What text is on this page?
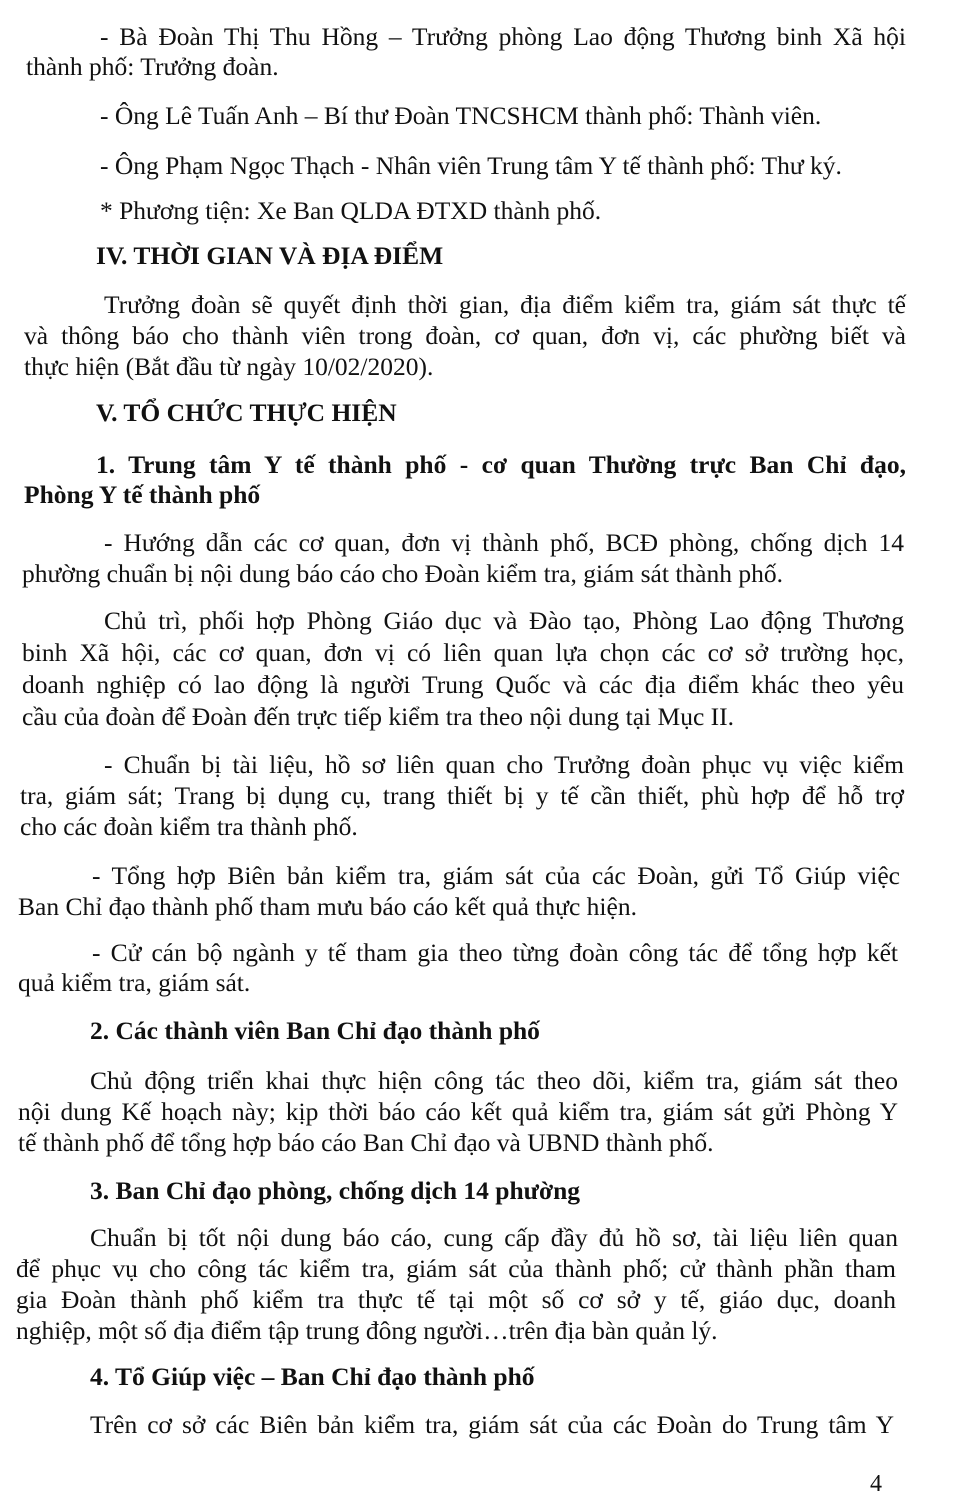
- Bà Đoàn Thị Thu Hồng – Trưởng phòng Lao động Thương binh Xã hội

thành phố: Trưởng đoàn.

- Ông Lê Tuấn Anh – Bí thư Đoàn TNCSHCM thành phố: Thành viên.

- Ông Phạm Ngọc Thạch - Nhân viên Trung tâm Y tế thành phố: Thư ký.

* Phương tiện: Xe Ban QLDA ĐTXD thành phố.

IV. THỜI GIAN VÀ ĐỊA ĐIỂM

Trưởng đoàn sẽ quyết định thời gian, địa điểm kiểm tra, giám sát thực tế

và thông báo cho thành viên trong đoàn, cơ quan, đơn vị, các phường biết và

thực hiện (Bắt đầu từ ngày 10/02/2020).

V. TỔ CHỨC THỰC HIỆN

1. Trung tâm Y tế thành phố - cơ quan Thường trực Ban Chỉ đạo,

Phòng Y tế thành phố

- Hướng dẫn các cơ quan, đơn vị thành phố, BCĐ phòng, chống dịch 14

phường chuẩn bị nội dung báo cáo cho Đoàn kiểm tra, giám sát thành phố.

Chủ trì, phối hợp Phòng Giáo dục và Đào tạo, Phòng Lao động Thương

binh Xã hội, các cơ quan, đơn vị có liên quan lựa chọn các cơ sở trường học,

doanh nghiệp có lao động là người Trung Quốc và các địa điểm khác theo yêu

cầu của đoàn để Đoàn đến trực tiếp kiểm tra theo nội dung tại Mục II.

- Chuẩn bị tài liệu, hồ sơ liên quan cho Trưởng đoàn phục vụ việc kiểm

tra, giám sát; Trang bị dụng cụ, trang thiết bị y tế cần thiết, phù hợp để hỗ trợ

cho các đoàn kiểm tra thành phố.

- Tổng hợp Biên bản kiểm tra, giám sát của các Đoàn, gửi Tổ Giúp việc

Ban Chỉ đạo thành phố tham mưu báo cáo kết quả thực hiện.

- Cử cán bộ ngành y tế tham gia theo từng đoàn công tác để tổng hợp kết

quả kiểm tra, giám sát.

2. Các thành viên Ban Chỉ đạo thành phố

Chủ động triển khai thực hiện công tác theo dõi, kiểm tra, giám sát theo

nội dung Kế hoạch này; kịp thời báo cáo kết quả kiểm tra, giám sát gửi Phòng Y

tế thành phố để tổng hợp báo cáo Ban Chỉ đạo và UBND thành phố.

3. Ban Chỉ đạo phòng, chống dịch 14 phường

Chuẩn bị tốt nội dung báo cáo, cung cấp đầy đủ hồ sơ, tài liệu liên quan

để phục vụ cho công tác kiểm tra, giám sát của thành phố; cử thành phần tham

gia Đoàn thành phố kiểm tra thực tế tại một số cơ sở y tế, giáo dục, doanh

nghiệp, một số địa điểm tập trung đông người…trên địa bàn quản lý.

4. Tổ Giúp việc – Ban Chỉ đạo thành phố

Trên cơ sở các Biên bản kiểm tra, giám sát của các Đoàn do Trung tâm Y

4
